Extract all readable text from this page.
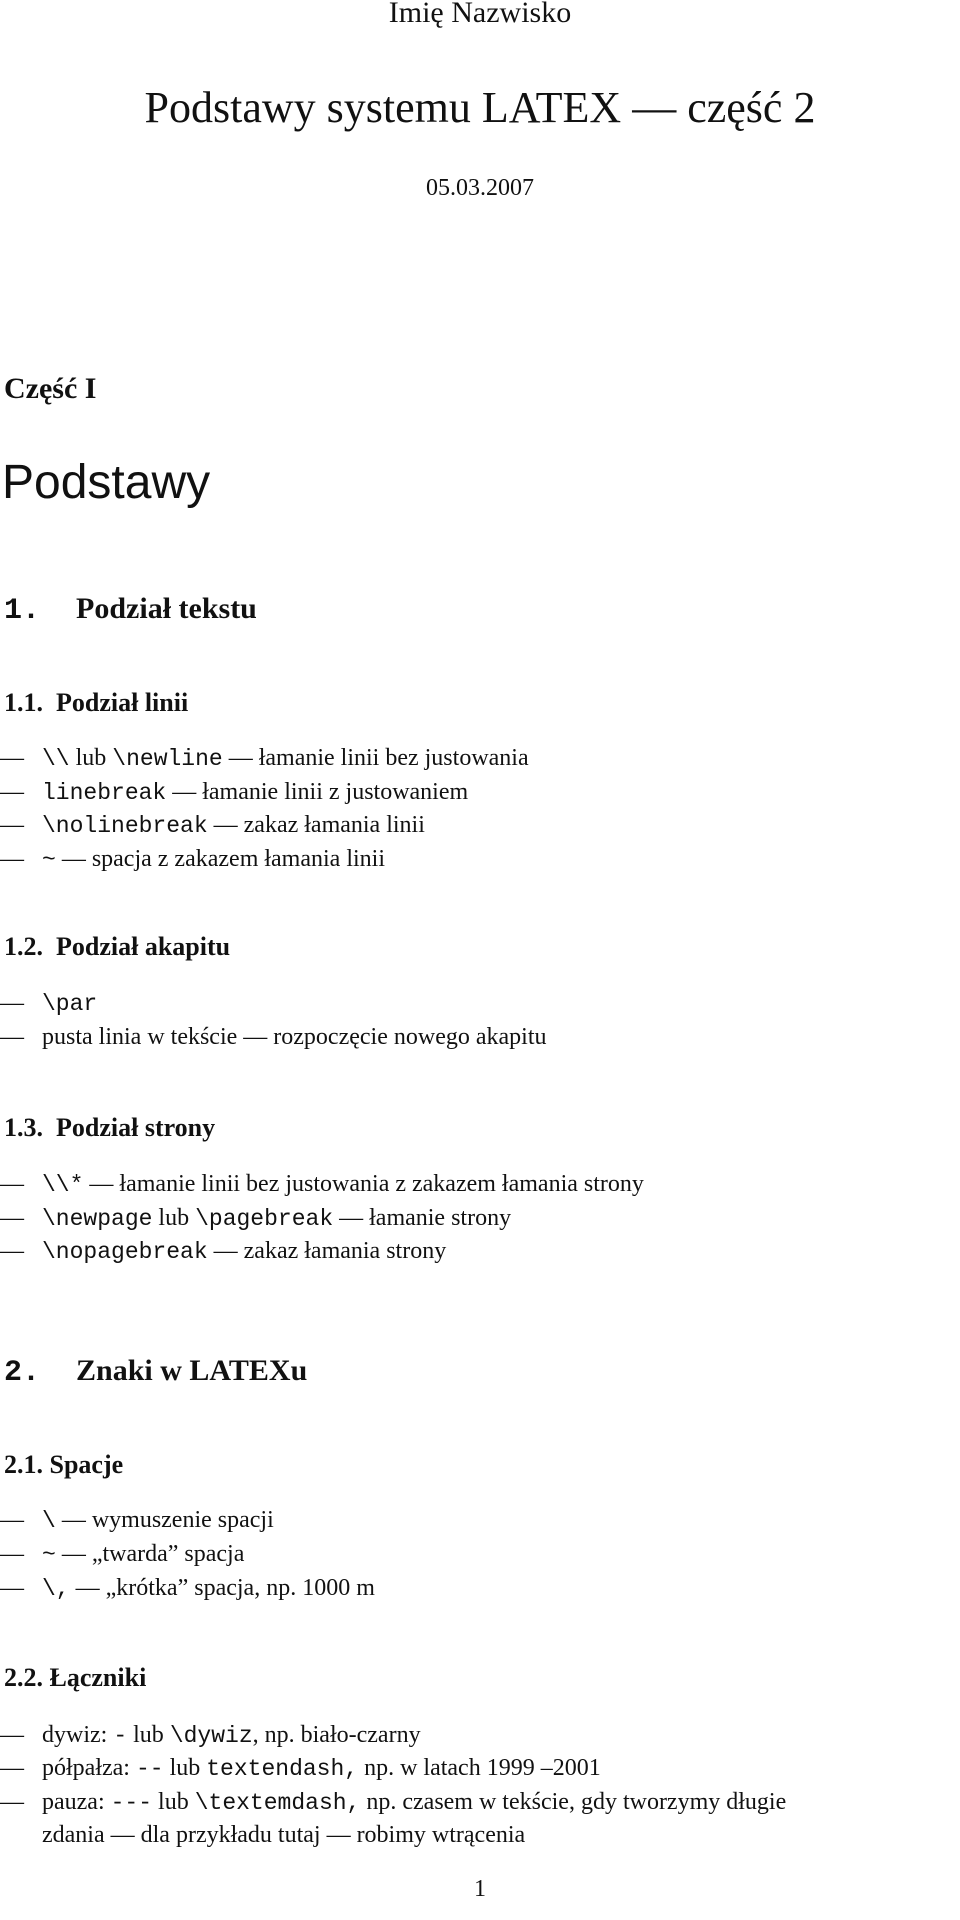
Imię Nazwisko
Podstawy systemu LATEX — część 2
05.03.2007
Część I
Podstawy
1. Podział tekstu
1.1. Podział linii
— \\ lub \newline — łamanie linii bez justowania
— linebreak — łamanie linii z justowaniem
— \nolinebreak — zakaz łamania linii
— ~ — spacja z zakazem łamania linii
1.2. Podział akapitu
— \par
— pusta linia w tekście — rozpoczęcie nowego akapitu
1.3. Podział strony
— \\* — łamanie linii bez justowania z zakazem łamania strony
— \newpage lub \pagebreak — łamanie strony
— \nopagebreak — zakaz łamania strony
2. Znaki w LATEXu
2.1. Spacje
— \ — wymuszenie spacji
— ~ — „twarda” spacja
— \, — „krótka” spacja, np. 1000 m
2.2. Łączniki
— dywiz: - lub \dywiz, np. biało-czarny
— półpałza: -- lub textendash, np. w latach 1999 –2001
— pauza: --- lub \textemdash, np. czasem w tekście, gdy tworzymy długie
zdania — dla przykładu tutaj — robimy wtrącenia
1
